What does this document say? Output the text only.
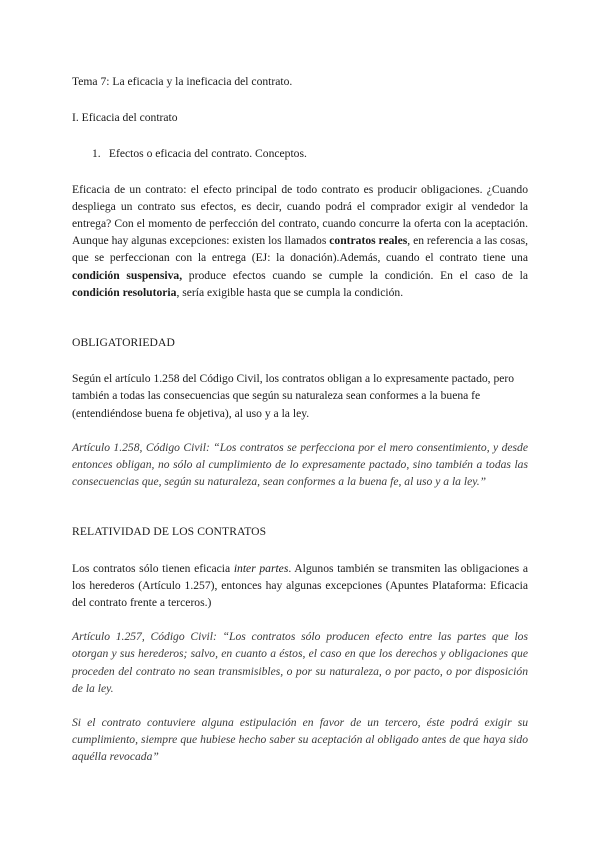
Tema 7: La eficacia y la ineficacia del contrato.

I. Eficacia del contrato

1. Efectos o eficacia del contrato. Conceptos.

Eficacia de un contrato: el efecto principal de todo contrato es producir obligaciones. ¿Cuando despliega un contrato sus efectos, es decir, cuando podrá el comprador exigir al vendedor la entrega? Con el momento de perfección del contrato, cuando concurre la oferta con la aceptación. Aunque hay algunas excepciones: existen los llamados contratos reales, en referencia a las cosas, que se perfeccionan con la entrega (EJ: la donación).Además, cuando el contrato tiene una condición suspensiva, produce efectos cuando se cumple la condición. En el caso de la condición resolutoria, sería exigible hasta que se cumpla la condición.

OBLIGATORIEDAD

Según el artículo 1.258 del Código Civil, los contratos obligan a lo expresamente pactado, pero también a todas las consecuencias que según su naturaleza sean conformes a la buena fe (entendiéndose buena fe objetiva), al uso y a la ley.

Artículo 1.258, Código Civil: “Los contratos se perfecciona por el mero consentimiento, y desde entonces obligan, no sólo al cumplimiento de lo expresamente pactado, sino también a todas las consecuencias que, según su naturaleza, sean conformes a la buena fe, al uso y a la ley.”

RELATIVIDAD DE LOS CONTRATOS

Los contratos sólo tienen eficacia inter partes. Algunos también se transmiten las obligaciones a los herederos (Artículo 1.257), entonces hay algunas excepciones (Apuntes Plataforma: Eficacia del contrato frente a terceros.)

Artículo 1.257, Código Civil: “Los contratos sólo producen efecto entre las partes que los otorgan y sus herederos; salvo, en cuanto a éstos, el caso en que los derechos y obligaciones que proceden del contrato no sean transmisibles, o por su naturaleza, o por pacto, o por disposición de la ley.

Si el contrato contuviere alguna estipulación en favor de un tercero, éste podrá exigir su cumplimiento, siempre que hubiese hecho saber su aceptación al obligado antes de que haya sido aquélla revocada”
